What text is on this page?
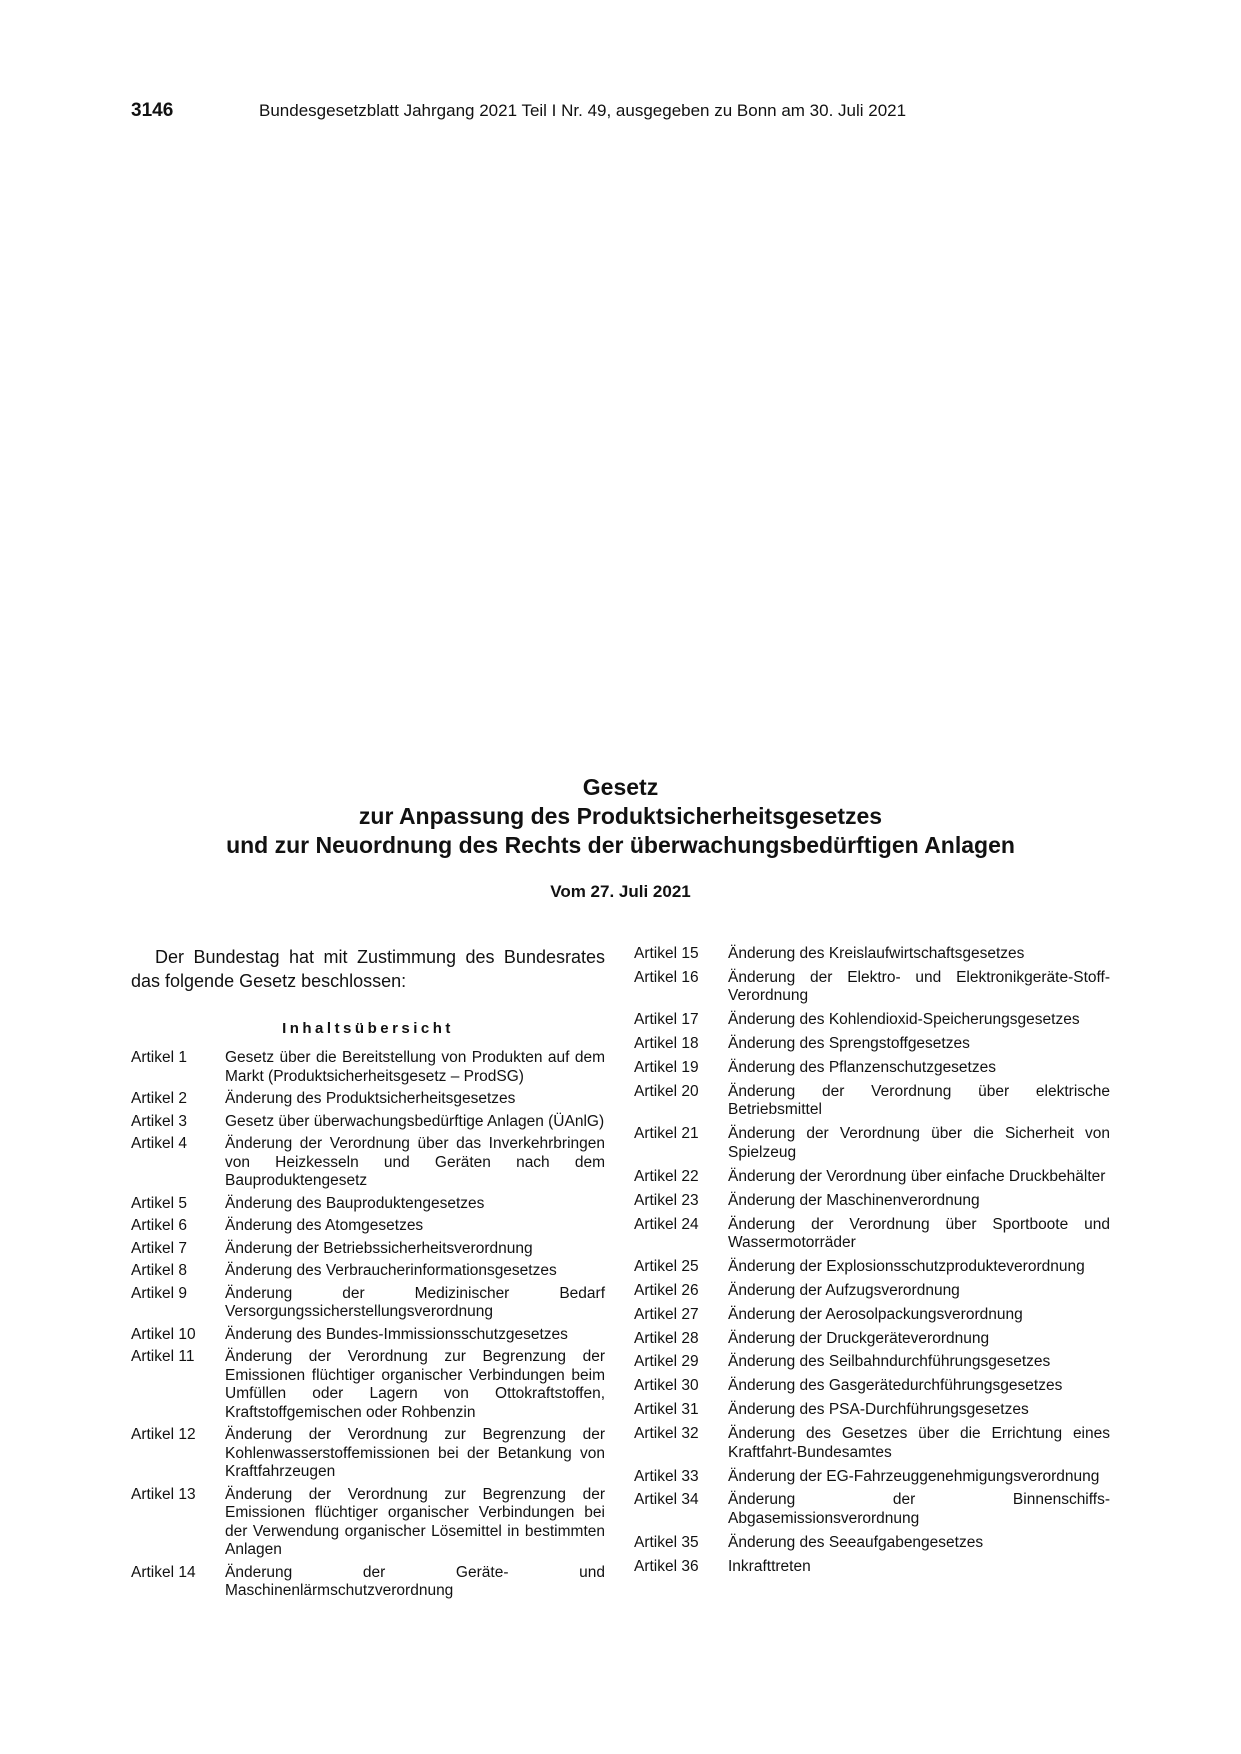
3146	Bundesgesetzblatt Jahrgang 2021 Teil I Nr. 49, ausgegeben zu Bonn am 30. Juli 2021
Gesetz
zur Anpassung des Produktsicherheitsgesetzes
und zur Neuordnung des Rechts der überwachungsbedürftigen Anlagen
Vom 27. Juli 2021

Der Bundestag hat mit Zustimmung des Bundesrates das folgende Gesetz beschlossen:

Inhaltsübersicht
Artikel 1	Gesetz über die Bereitstellung von Produkten auf dem Markt (Produktsicherheitsgesetz – ProdSG)
Artikel 2	Änderung des Produktsicherheitsgesetzes
Artikel 3	Gesetz über überwachungsbedürftige Anlagen (ÜAnlG)
Artikel 4	Änderung der Verordnung über das Inverkehrbringen von Heizkesseln und Geräten nach dem Bauproduktengesetz
Artikel 5	Änderung des Bauproduktengesetzes
Artikel 6	Änderung des Atomgesetzes
Artikel 7	Änderung der Betriebssicherheitsverordnung
Artikel 8	Änderung des Verbraucherinformationsgesetzes
Artikel 9	Änderung der Medizinischer Bedarf Versorgungssicherstellungsverordnung
Artikel 10	Änderung des Bundes-Immissionsschutzgesetzes
Artikel 11	Änderung der Verordnung zur Begrenzung der Emissionen flüchtiger organischer Verbindungen beim Umfüllen oder Lagern von Ottokraftstoffen, Kraftstoffgemischen oder Rohbenzin
Artikel 12	Änderung der Verordnung zur Begrenzung der Kohlenwasserstoffemissionen bei der Betankung von Kraftfahrzeugen
Artikel 13	Änderung der Verordnung zur Begrenzung der Emissionen flüchtiger organischer Verbindungen bei der Verwendung organischer Lösemittel in bestimmten Anlagen
Artikel 14	Änderung der Geräte- und Maschinenlärmschutzverordnung
Artikel 15	Änderung des Kreislaufwirtschaftsgesetzes
Artikel 16	Änderung der Elektro- und Elektronikgeräte-Stoff-Verordnung
Artikel 17	Änderung des Kohlendioxid-Speicherungsgesetzes
Artikel 18	Änderung des Sprengstoffgesetzes
Artikel 19	Änderung des Pflanzenschutzgesetzes
Artikel 20	Änderung der Verordnung über elektrische Betriebsmittel
Artikel 21	Änderung der Verordnung über die Sicherheit von Spielzeug
Artikel 22	Änderung der Verordnung über einfache Druckbehälter
Artikel 23	Änderung der Maschinenverordnung
Artikel 24	Änderung der Verordnung über Sportboote und Wassermotorräder
Artikel 25	Änderung der Explosionsschutzprodukteverordnung
Artikel 26	Änderung der Aufzugsverordnung
Artikel 27	Änderung der Aerosolpackungsverordnung
Artikel 28	Änderung der Druckgeräteverordnung
Artikel 29	Änderung des Seilbahndurchführungsgesetzes
Artikel 30	Änderung des Gasgerätedurchführungsgesetzes
Artikel 31	Änderung des PSA-Durchführungsgesetzes
Artikel 32	Änderung des Gesetzes über die Errichtung eines Kraftfahrt-Bundesamtes
Artikel 33	Änderung der EG-Fahrzeuggenehmigungsverordnung
Artikel 34	Änderung der Binnenschiffs-Abgasemissionsverordnung
Artikel 35	Änderung des Seeaufgabengesetzes
Artikel 36	Inkrafttreten
